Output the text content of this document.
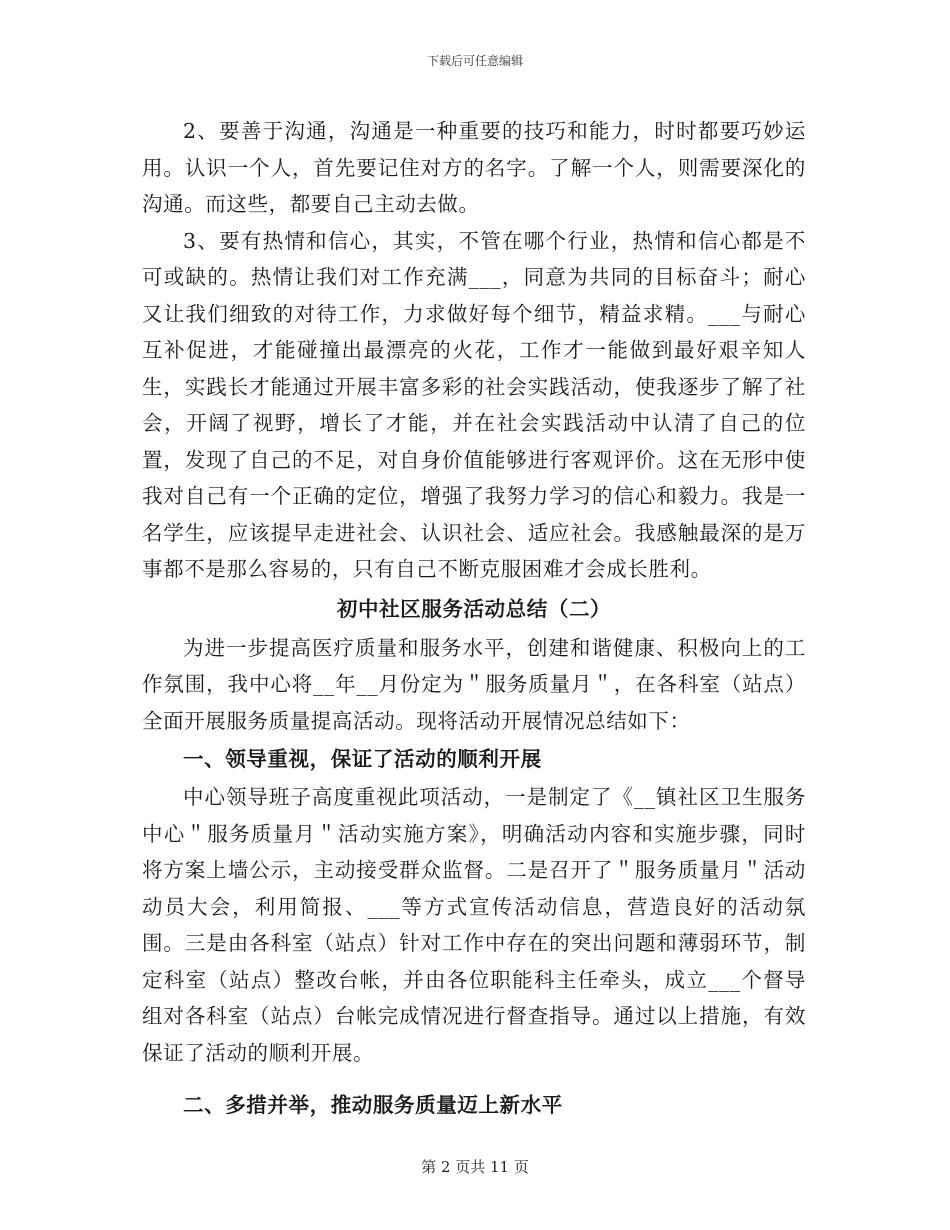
下载后可任意编辑

2、要善于沟通，沟通是一种重要的技巧和能力，时时都要巧妙运用。认识一个人，首先要记住对方的名字。了解一个人，则需要深化的沟通。而这些，都要自己主动去做。

3、要有热情和信心，其实，不管在哪个行业，热情和信心都是不可或缺的。热情让我们对工作充满___，同意为共同的目标奋斗；耐心又让我们细致的对待工作，力求做好每个细节，精益求精。___与耐心互补促进，才能碰撞出最漂亮的火花，工作才一能做到最好艰辛知人生，实践长才能通过开展丰富多彩的社会实践活动，使我逐步了解了社会，开阔了视野，增长了才能，并在社会实践活动中认清了自己的位置，发现了自己的不足，对自身价值能够进行客观评价。这在无形中使我对自己有一个正确的定位，增强了我努力学习的信心和毅力。我是一名学生，应该提早走进社会、认识社会、适应社会。我感触最深的是万事都不是那么容易的，只有自己不断克服困难才会成长胜利。

初中社区服务活动总结（二）

为进一步提高医疗质量和服务水平，创建和谐健康、积极向上的工作氛围，我中心将__年__月份定为＂服务质量月＂，在各科室（站点）全面开展服务质量提高活动。现将活动开展情况总结如下：

一、领导重视，保证了活动的顺利开展

中心领导班子高度重视此项活动，一是制定了《__镇社区卫生服务中心＂服务质量月＂活动实施方案》，明确活动内容和实施步骤，同时将方案上墙公示，主动接受群众监督。二是召开了＂服务质量月＂活动动员大会，利用简报、___等方式宣传活动信息，营造良好的活动氛围。三是由各科室（站点）针对工作中存在的突出问题和薄弱环节，制定科室（站点）整改台帐，并由各位职能科主任牵头，成立___个督导组对各科室（站点）台帐完成情况进行督查指导。通过以上措施，有效保证了活动的顺利开展。

二、多措并举，推动服务质量迈上新水平
第 2 页共 11 页
